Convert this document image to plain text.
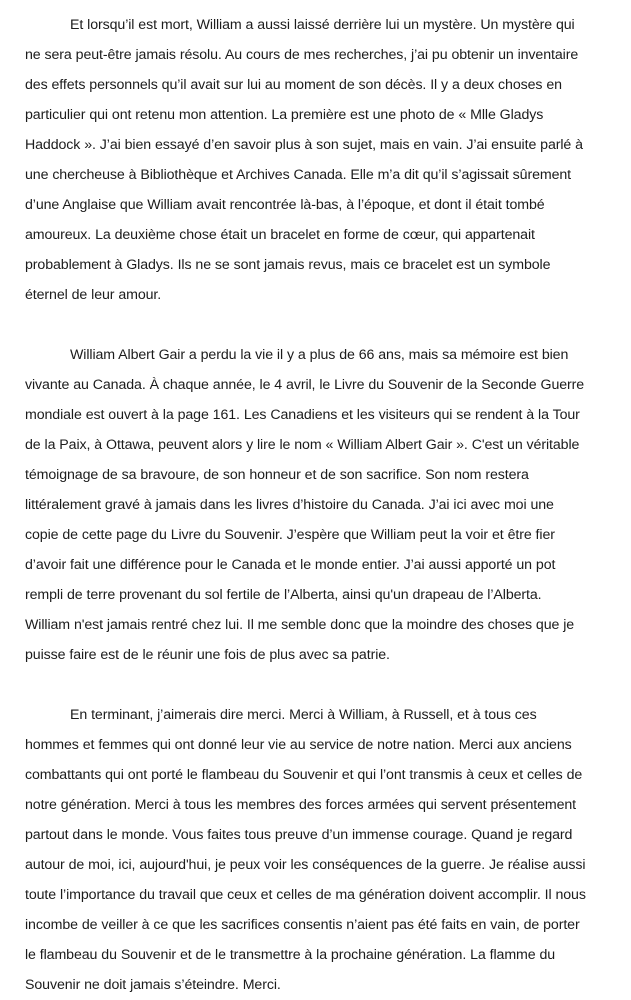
Et lorsqu’il est mort, William a aussi laissé derrière lui un mystère. Un mystère qui ne sera peut-être jamais résolu. Au cours de mes recherches, j’ai pu obtenir un inventaire des effets personnels qu’il avait sur lui au moment de son décès. Il y a deux choses en particulier qui ont retenu mon attention. La première est une photo de « Mlle Gladys Haddock ». J’ai bien essayé d’en savoir plus à son sujet, mais en vain. J’ai ensuite parlé à une chercheuse à Bibliothèque et Archives Canada. Elle m’a dit qu’il s’agissait sûrement d’une Anglaise que William avait rencontrée là-bas, à l’époque, et dont il était tombé amoureux. La deuxième chose était un bracelet en forme de cœur, qui appartenait probablement à Gladys. Ils ne se sont jamais revus, mais ce bracelet est un symbole éternel de leur amour.

William Albert Gair a perdu la vie il y a plus de 66 ans, mais sa mémoire est bien vivante au Canada. À chaque année, le 4 avril, le Livre du Souvenir de la Seconde Guerre mondiale est ouvert à la page 161. Les Canadiens et les visiteurs qui se rendent à la Tour de la Paix, à Ottawa, peuvent alors y lire le nom « William Albert Gair ». C'est un véritable témoignage de sa bravoure, de son honneur et de son sacrifice. Son nom restera littéralement gravé à jamais dans les livres d’histoire du Canada. J’ai ici avec moi une copie de cette page du Livre du Souvenir. J’espère que William peut la voir et être fier d’avoir fait une différence pour le Canada et le monde entier. J’ai aussi apporté un pot rempli de terre provenant du sol fertile de l’Alberta, ainsi qu'un drapeau de l’Alberta. William n'est jamais rentré chez lui. Il me semble donc que la moindre des choses que je puisse faire est de le réunir une fois de plus avec sa patrie.

En terminant, j’aimerais dire merci. Merci à William, à Russell, et à tous ces hommes et femmes qui ont donné leur vie au service de notre nation. Merci aux anciens combattants qui ont porté le flambeau du Souvenir et qui l’ont transmis à ceux et celles de notre génération. Merci à tous les membres des forces armées qui servent présentement partout dans le monde. Vous faites tous preuve d’un immense courage. Quand je regard autour de moi, ici, aujourd'hui, je peux voir les conséquences de la guerre. Je réalise aussi toute l’importance du travail que ceux et celles de ma génération doivent accomplir. Il nous incombe de veiller à ce que les sacrifices consentis n’aient pas été faits en vain, de porter le flambeau du Souvenir et de le transmettre à la prochaine génération. La flamme du Souvenir ne doit jamais s’éteindre. Merci.
